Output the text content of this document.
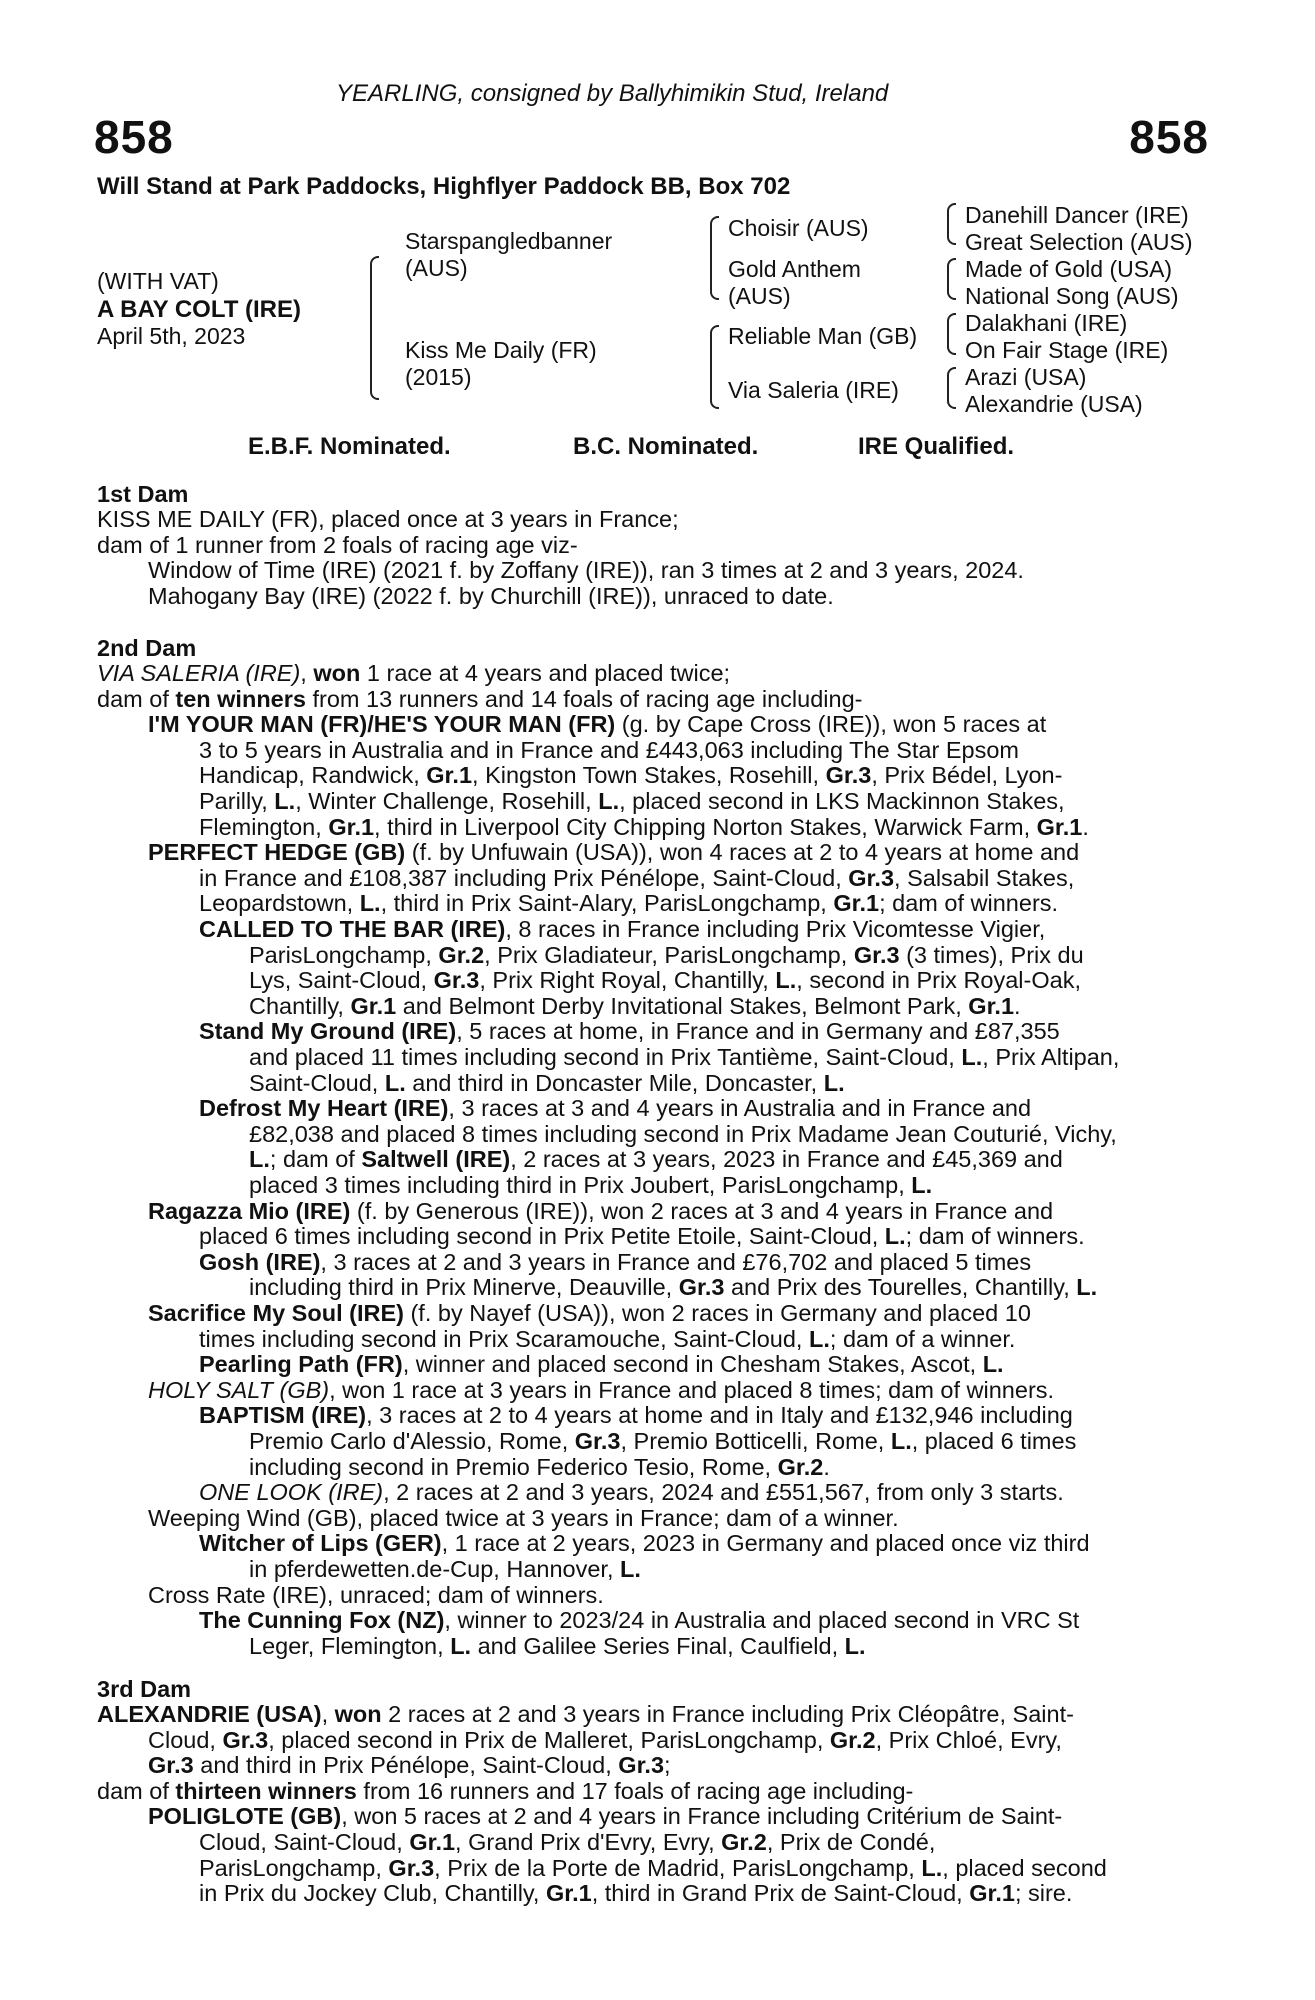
YEARLING, consigned by Ballyhimikin Stud, Ireland
858	858
Will Stand at Park Paddocks, Highflyer Paddock BB, Box 702
(WITH VAT)
A BAY COLT (IRE)
April 5th, 2023
Starspangledbanner
(AUS)
Kiss Me Daily (FR)
(2015)
Choisir (AUS)
Gold Anthem
(AUS)
Reliable Man (GB)
Via Saleria (IRE)
Danehill Dancer (IRE)
Great Selection (AUS)
Made of Gold (USA)
National Song (AUS)
Dalakhani (IRE)
On Fair Stage (IRE)
Arazi (USA)
Alexandrie (USA)
E.B.F. Nominated.	B.C. Nominated.	IRE Qualified.
1st Dam
KISS ME DAILY (FR), placed once at 3 years in France;
dam of 1 runner from 2 foals of racing age viz-
Window of Time (IRE) (2021 f. by Zoffany (IRE)), ran 3 times at 2 and 3 years, 2024.
Mahogany Bay (IRE) (2022 f. by Churchill (IRE)), unraced to date.
2nd Dam
VIA SALERIA (IRE), won 1 race at 4 years and placed twice;
dam of ten winners from 13 runners and 14 foals of racing age including-
I'M YOUR MAN (FR)/HE'S YOUR MAN (FR) (g. by Cape Cross (IRE)), won 5 races at
3 to 5 years in Australia and in France and £443,063 including The Star Epsom
Handicap, Randwick, Gr.1, Kingston Town Stakes, Rosehill, Gr.3, Prix Bédel, Lyon-
Parilly, L., Winter Challenge, Rosehill, L., placed second in LKS Mackinnon Stakes,
Flemington, Gr.1, third in Liverpool City Chipping Norton Stakes, Warwick Farm, Gr.1.
PERFECT HEDGE (GB) (f. by Unfuwain (USA)), won 4 races at 2 to 4 years at home and
in France and £108,387 including Prix Pénélope, Saint-Cloud, Gr.3, Salsabil Stakes,
Leopardstown, L., third in Prix Saint-Alary, ParisLongchamp, Gr.1; dam of winners.
CALLED TO THE BAR (IRE), 8 races in France including Prix Vicomtesse Vigier,
ParisLongchamp, Gr.2, Prix Gladiateur, ParisLongchamp, Gr.3 (3 times), Prix du
Lys, Saint-Cloud, Gr.3, Prix Right Royal, Chantilly, L., second in Prix Royal-Oak,
Chantilly, Gr.1 and Belmont Derby Invitational Stakes, Belmont Park, Gr.1.
Stand My Ground (IRE), 5 races at home, in France and in Germany and £87,355
and placed 11 times including second in Prix Tantième, Saint-Cloud, L., Prix Altipan,
Saint-Cloud, L. and third in Doncaster Mile, Doncaster, L.
Defrost My Heart (IRE), 3 races at 3 and 4 years in Australia and in France and
£82,038 and placed 8 times including second in Prix Madame Jean Couturié, Vichy,
L.; dam of Saltwell (IRE), 2 races at 3 years, 2023 in France and £45,369 and
placed 3 times including third in Prix Joubert, ParisLongchamp, L.
Ragazza Mio (IRE) (f. by Generous (IRE)), won 2 races at 3 and 4 years in France and
placed 6 times including second in Prix Petite Etoile, Saint-Cloud, L.; dam of winners.
Gosh (IRE), 3 races at 2 and 3 years in France and £76,702 and placed 5 times
including third in Prix Minerve, Deauville, Gr.3 and Prix des Tourelles, Chantilly, L.
Sacrifice My Soul (IRE) (f. by Nayef (USA)), won 2 races in Germany and placed 10
times including second in Prix Scaramouche, Saint-Cloud, L.; dam of a winner.
Pearling Path (FR), winner and placed second in Chesham Stakes, Ascot, L.
HOLY SALT (GB), won 1 race at 3 years in France and placed 8 times; dam of winners.
BAPTISM (IRE), 3 races at 2 to 4 years at home and in Italy and £132,946 including
Premio Carlo d'Alessio, Rome, Gr.3, Premio Botticelli, Rome, L., placed 6 times
including second in Premio Federico Tesio, Rome, Gr.2.
ONE LOOK (IRE), 2 races at 2 and 3 years, 2024 and £551,567, from only 3 starts.
Weeping Wind (GB), placed twice at 3 years in France; dam of a winner.
Witcher of Lips (GER), 1 race at 2 years, 2023 in Germany and placed once viz third
in pferdewetten.de-Cup, Hannover, L.
Cross Rate (IRE), unraced; dam of winners.
The Cunning Fox (NZ), winner to 2023/24 in Australia and placed second in VRC St
Leger, Flemington, L. and Galilee Series Final, Caulfield, L.
3rd Dam
ALEXANDRIE (USA), won 2 races at 2 and 3 years in France including Prix Cléopâtre, Saint-
Cloud, Gr.3, placed second in Prix de Malleret, ParisLongchamp, Gr.2, Prix Chloé, Evry,
Gr.3 and third in Prix Pénélope, Saint-Cloud, Gr.3;
dam of thirteen winners from 16 runners and 17 foals of racing age including-
POLIGLOTE (GB), won 5 races at 2 and 4 years in France including Critérium de Saint-
Cloud, Saint-Cloud, Gr.1, Grand Prix d'Evry, Evry, Gr.2, Prix de Condé,
ParisLongchamp, Gr.3, Prix de la Porte de Madrid, ParisLongchamp, L., placed second
in Prix du Jockey Club, Chantilly, Gr.1, third in Grand Prix de Saint-Cloud, Gr.1; sire.
